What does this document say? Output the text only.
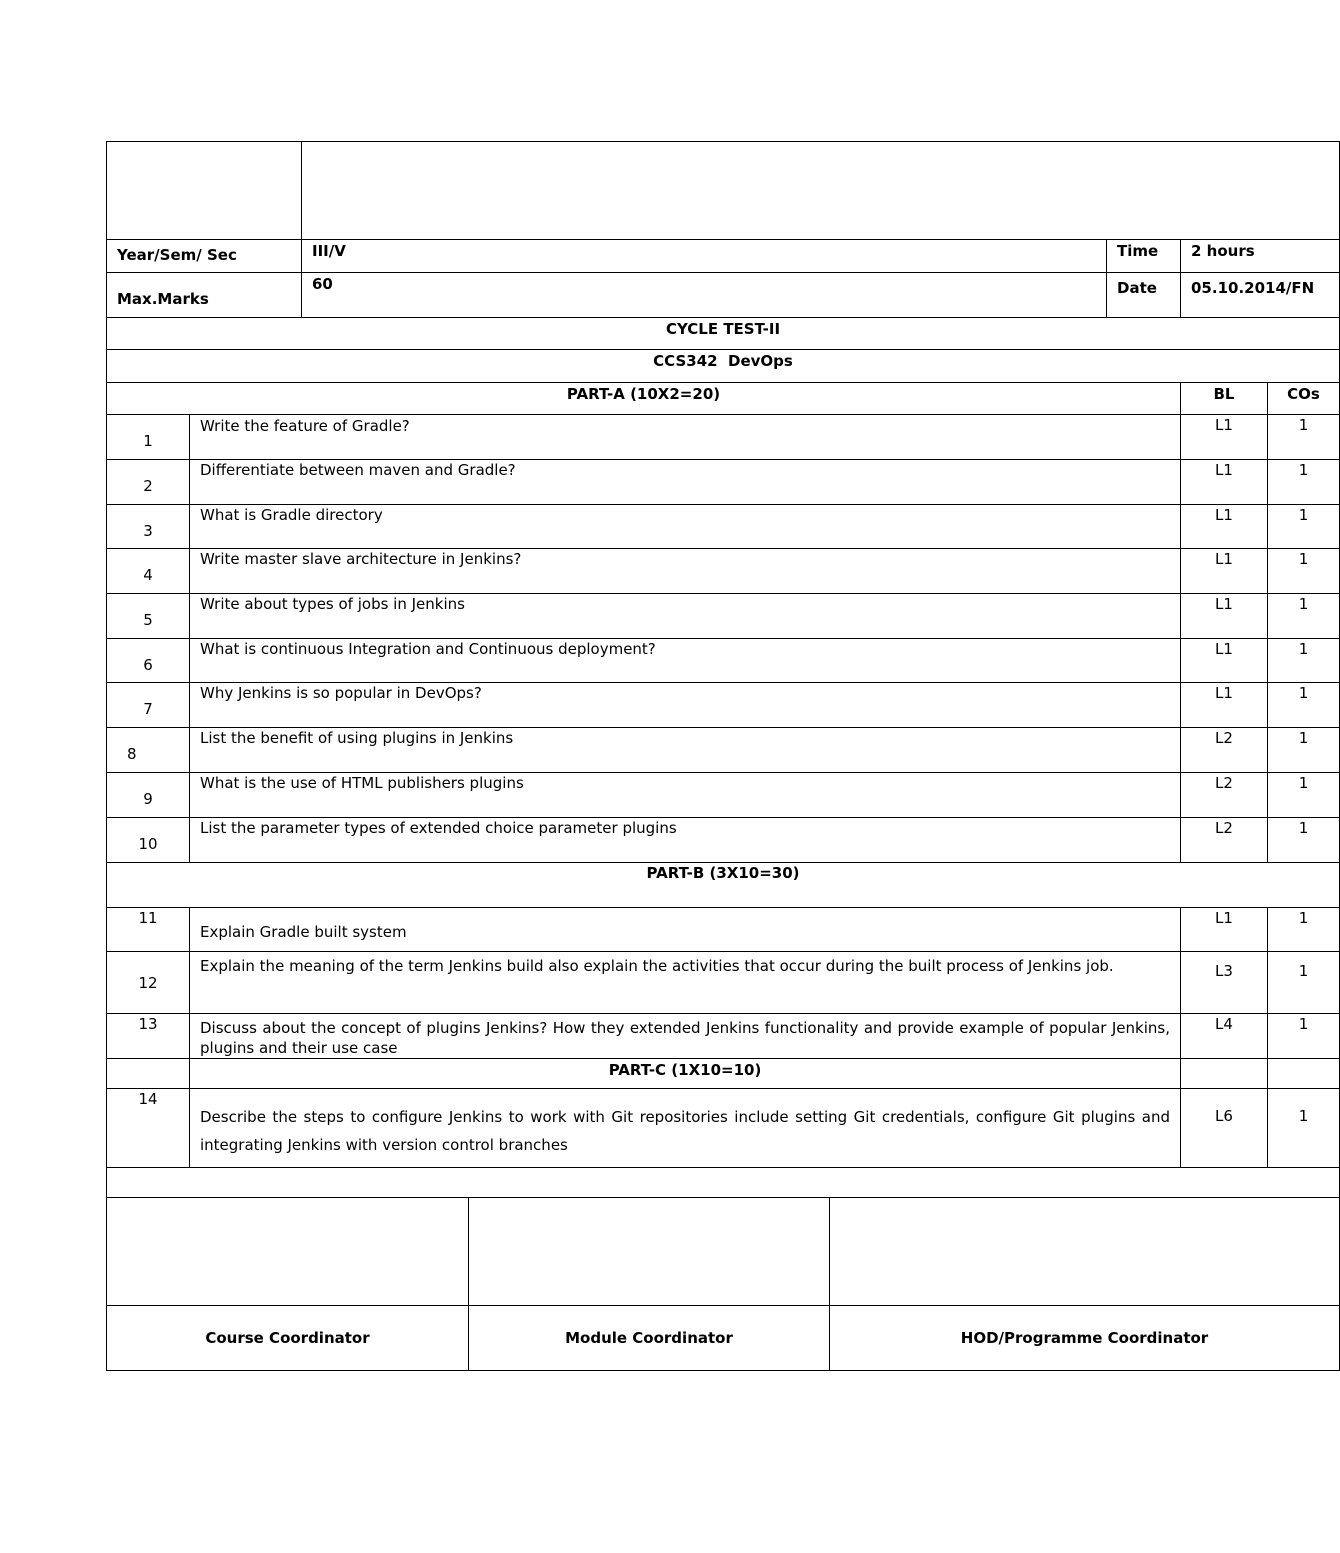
Year/Sem/ Sec		III/V			Time	2 hours	
Max.Marks		60			Date	05.10.2014/FN	
CYCLE TEST-II							
CCS342  DevOps							
PART-A (10X2=20)						BL	COs
1	Write the feature of Gradle?					L1	1
2	Differentiate between maven and Gradle?					L1	1
3	What is Gradle directory					L1	1
4	Write master slave architecture in Jenkins?					L1	1
5	Write about types of jobs in Jenkins					L1	1
6	What is continuous Integration and Continuous deployment?					L1	1
7	Why Jenkins is so popular in DevOps?					L1	1
8	List the benefit of using plugins in Jenkins					L2	1
9	What is the use of HTML publishers plugins					L2	1
10	List the parameter types of extended choice parameter plugins					L2	1
PART-B (3X10=30)							
11	Explain Gradle built system					L1	1
12	Explain the meaning of the term Jenkins build also explain the activities that occur during the built process of Jenkins job.					L3	1
13	Discuss about the concept of plugins Jenkins? How they extended Jenkins functionality and provide example of popular Jenkins, plugins and their use case					L4	1
	PART-C (1X10=10)						
14	Describe the steps to configure Jenkins to work with Git repositories include setting Git credentials, configure Git plugins and integrating Jenkins with version control branches					L6	1

Course Coordinator			Module Coordinator	HOD/Programme Coordinator			
